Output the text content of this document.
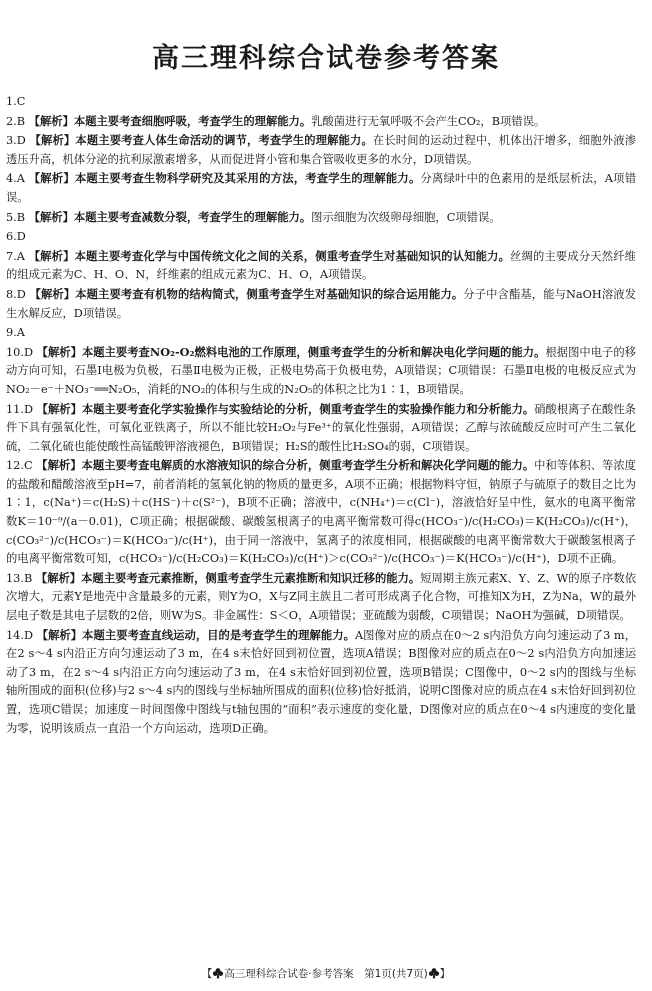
高三理科综合试卷参考答案

1.C

2.B 【解析】本题主要考查细胞呼吸，考查学生的理解能力。乳酸菌进行无氧呼吸不会产生CO₂，B项错误。

3.D 【解析】本题主要考查人体生命活动的调节，考查学生的理解能力。在长时间的运动过程中，机体出汗增多，细胞外液渗透压升高，机体分泌的抗利尿激素增多，从而促进肾小管和集合管吸收更多的水分，D项错误。

4.A 【解析】本题主要考查生物科学研究及其采用的方法，考查学生的理解能力。分离绿叶中的色素用的是纸层析法，A项错误。

5.B 【解析】本题主要考查减数分裂，考查学生的理解能力。图示细胞为次级卵母细胞，C项错误。

6.D

7.A 【解析】本题主要考查化学与中国传统文化之间的关系，侧重考查学生对基础知识的认知能力。丝绸的主要成分天然纤维的组成元素为C、H、O、N，纤维素的组成元素为C、H、O，A项错误。

8.D 【解析】本题主要考查有机物的结构简式，侧重考查学生对基础知识的综合运用能力。分子中含酯基，能与NaOH溶液发生水解反应，D项错误。

9.A

10.D 【解析】本题主要考查NO₂-O₂燃料电池的工作原理，侧重考查学生的分析和解决电化学问题的能力。根据图中电子的移动方向可知，石墨Ⅰ电极为负极，石墨Ⅱ电极为正极，正极电势高于负极电势，A项错误；C项错误：石墨Ⅱ电极的电极反应式为NO₂－e⁻＋NO₃⁻══N₂O₅，消耗的NO₂的体积与生成的N₂O₅的体积之比为1∶1，B项错误。

11.D 【解析】本题主要考查化学实验操作与实验结论的分析，侧重考查学生的实验操作能力和分析能力。硝酸根离子在酸性条件下具有强氧化性，可氧化亚铁离子，所以不能比较H₂O₂与Fe³⁺的氧化性强弱，A项错误；乙醇与浓硫酸反应时可产生二氧化硫，二氧化硫也能使酸性高锰酸钾溶液褪色，B项错误；H₂S的酸性比H₂SO₄的弱，C项错误。

12.C 【解析】本题主要考查电解质的水溶液知识的综合分析，侧重考查学生分析和解决化学问题的能力。中和等体积、等浓度的盐酸和醋酸溶液至pH=7，前者消耗的氢氧化钠的物质的量更多，A项不正确；根据物料守恒，钠原子与硫原子的数目之比为1∶1，c(Na⁺)＝c(H₂S)＋c(HS⁻)＋c(S²⁻)，B项不正确；溶液中，c(NH₄⁺)＝c(Cl⁻)，溶液恰好呈中性，氨水的电离平衡常数K＝10⁻⁹/(a－0.01)，C项正确；根据碳酸、碳酸氢根离子的电离平衡常数可得c(HCO₃⁻)/c(H₂CO₃)＝K(H₂CO₃)/c(H⁺)，c(CO₃²⁻)/c(HCO₃⁻)＝K(HCO₃⁻)/c(H⁺)，由于同一溶液中，氢离子的浓度相同，根据碳酸的电离平衡常数大于碳酸氢根离子的电离平衡常数可知，c(HCO₃⁻)/c(H₂CO₃)＝K(H₂CO₃)/c(H⁺)＞c(CO₃²⁻)/c(HCO₃⁻)＝K(HCO₃⁻)/c(H⁺)，D项不正确。

13.B 【解析】本题主要考查元素推断，侧重考查学生元素推断和知识迁移的能力。短周期主族元素X、Y、Z、W的原子序数依次增大，元素Y是地壳中含量最多的元素，则Y为O，X与Z同主族且二者可形成离子化合物，可推知X为H，Z为Na，W的最外层电子数是其电子层数的2倍，则W为S。非金属性：S＜O，A项错误；亚硫酸为弱酸，C项错误；NaOH为强碱，D项错误。

14.D 【解析】本题主要考查直线运动，目的是考查学生的理解能力。A图像对应的质点在0～2 s内沿负方向匀速运动了3 m，在2 s～4 s内沿正方向匀速运动了3 m，在4 s末恰好回到初位置，选项A错误；B图像对应的质点在0～2 s内沿负方向加速运动了3 m，在2 s～4 s内沿正方向匀速运动了3 m，在4 s末恰好回到初位置，选项B错误；C图像中，0～2 s内的图线与坐标轴所围成的面积(位移)与2 s～4 s内的图线与坐标轴所围成的面积(位移)恰好抵消，说明C图像对应的质点在4 s末恰好回到初位置，选项C错误；加速度－时间图像中图线与t轴包围的“面积”表示速度的变化量，D图像对应的质点在0～4 s内速度的变化量为零，说明该质点一直沿一个方向运动，选项D正确。

【 高三理科综合试卷·参考答案　第1页(共7页) 】
